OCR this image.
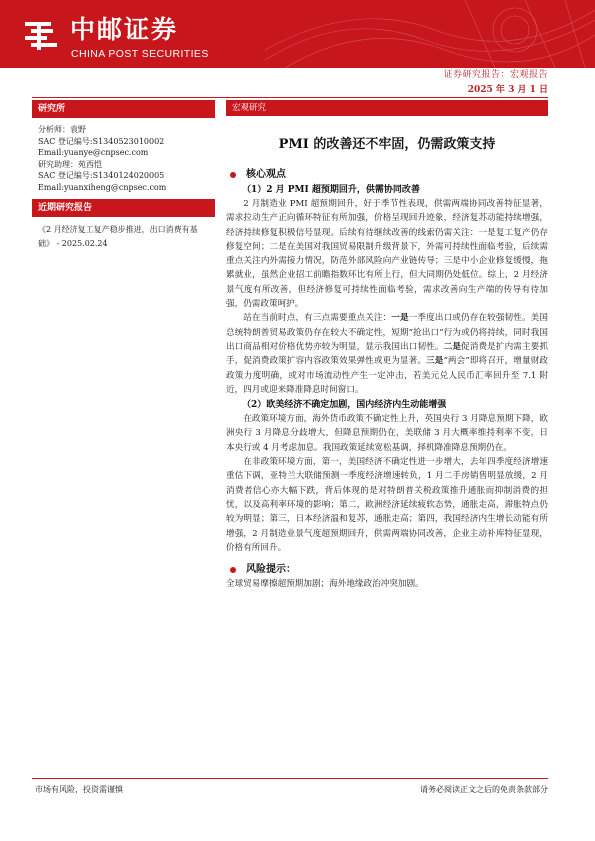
中邮证券
CHINA POST SECURITIES
证券研究报告：宏观报告
2025 年 3 月 1 日
研究所
分析师：袁野
SAC 登记编号:S1340523010002
Email:yuanye@cnpsec.com
研究助理：苑西恺
SAC 登记编号:S1340124020005
Email:yuanxiheng@cnpsec.com
近期研究报告
《2 月经济复工复产稳步推进，出口消费有基础》 - 2025.02.24
宏观研究
PMI 的改善还不牢固，仍需政策支持
核心观点
（1）2 月 PMI 超预期回升，供需协同改善

2 月制造业 PMI 超预期回升，好于季节性表现，供需两端协同改善特征显著，需求拉动生产正向循环特征有所加强，价格呈现回升迹象，经济复苏动能持续增强，经济持续修复积极信号显现。后续有待继续改善的线索仍需关注：一是复工复产仍存修复空间；二是在美国对我国贸易限制升级背景下，外需可持续性面临考验，后续需重点关注内外需接力情况，防范外部风险向产业链传导；三是中小企业修复缓慢，拖累就业，虽然企业招工前瞻指数环比有所上行，但大同期仍处低位。综上，2 月经济景气度有所改善，但经济修复可持续性面临考验，需求改善向生产端的传导有待加强，仍需政策呵护。

站在当前时点，有三点需要重点关注：一是一季度出口或仍存在较强韧性。美国总统特朗普贸易政策仍存在较大不确定性，短期“抢出口”行为或仍将持续，同时我国出口商品相对价格优势亦较为明显，显示我国出口韧性。二是促消费是扩内需主要抓手，促消费政策扩容内容政策效果弹性或更为显著。三是“两会”即将召开，增量财政政策力度明确，或对市场流动性产生一定冲击，若美元兑人民币汇率回升至 7.1 附近，四月或迎来降准降息时间窗口。

（2）欧美经济不确定加剧，国内经济内生动能增强

在政策环境方面，海外货币政策不确定性上升，英国央行 3 月降息预期下降，欧洲央行 3 月降息分歧增大，但降息预期仍在，美联储 3 月大概率维持利率不变，日本央行或 4 月考虑加息。我国政策延续宽松基调，择机降准降息预期仍在。

在非政策环境方面，第一，美国经济不确定性进一步增大，去年四季度经济增速重估下调，亚特兰大联储预测一季度经济增速转负，1 月二手房销售明显放缓，2 月消费者信心亦大幅下跌，背后体现的是对特朗普关税政策推升通胀而抑制消费的担忧，以及高利率环境的影响；第二，欧洲经济延续疲软态势，通胀走高，滞胀特点仍较为明显；第三，日本经济温和复苏，通胀走高；第四，我国经济内生增长动能有所增强，2 月制造业景气度超预期回升，供需两端协同改善，企业主动补库特征显现，价格有所回升。

风险提示：

全球贸易摩擦超预期加剧；海外地缘政治冲突加剧。

市场有风险，投资需谨慎	请务必阅读正文之后的免责条款部分
